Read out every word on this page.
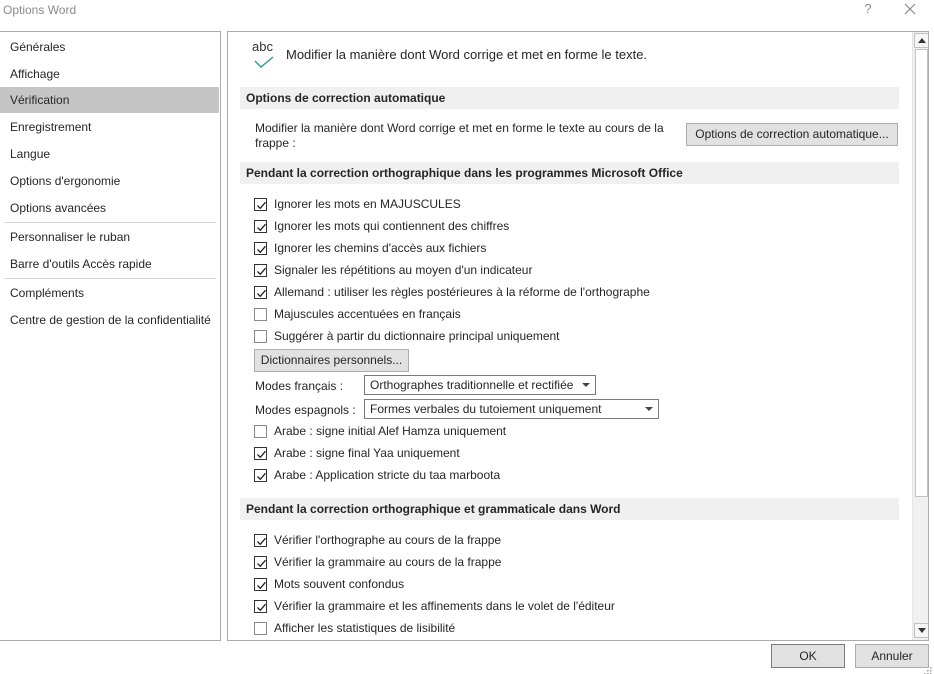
Options Word	?
Générales
Affichage
Vérification
Enregistrement
Langue
Options d'ergonomie
Options avancées
Personnaliser le ruban
Barre d'outils Accès rapide
Compléments
Centre de gestion de la confidentialité
abc
Modifier la manière dont Word corrige et met en forme le texte.
Options de correction automatique
Modifier la manière dont Word corrige et met en forme le texte au cours de la
frappe :
Options de correction automatique...
Pendant la correction orthographique dans les programmes Microsoft Office
Ignorer les mots en MAJUSCULES
Ignorer les mots qui contiennent des chiffres
Ignorer les chemins d'accès aux fichiers
Signaler les répétitions au moyen d'un indicateur
Allemand : utiliser les règles postérieures à la réforme de l'orthographe
Majuscules accentuées en français
Suggérer à partir du dictionnaire principal uniquement
Dictionnaires personnels...
Modes français :	Orthographes traditionnelle et rectifiée
Modes espagnols :	Formes verbales du tutoiement uniquement
Arabe : signe initial Alef Hamza uniquement
Arabe : signe final Yaa uniquement
Arabe : Application stricte du taa marboota
Pendant la correction orthographique et grammaticale dans Word
Vérifier l'orthographe au cours de la frappe
Vérifier la grammaire au cours de la frappe
Mots souvent confondus
Vérifier la grammaire et les affinements dans le volet de l'éditeur
Afficher les statistiques de lisibilité
OK	Annuler
